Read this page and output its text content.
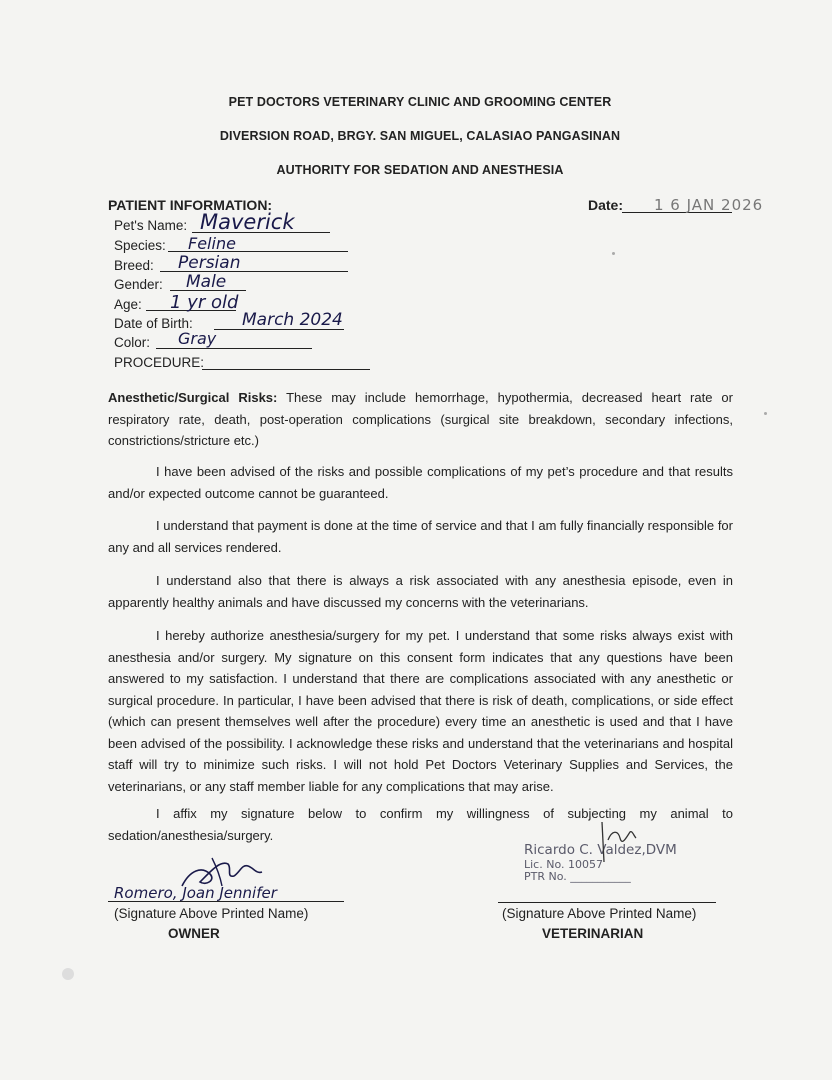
PET DOCTORS VETERINARY CLINIC AND GROOMING CENTER
DIVERSION ROAD, BRGY. SAN MIGUEL, CALASIAO PANGASINAN
AUTHORITY FOR SEDATION AND ANESTHESIA
PATIENT INFORMATION:	Date: 1 6 JAN 2026
Pet's Name: Maverick
Species: Feline
Breed: Persian
Gender: Male
Age: 1 yr old
Date of Birth:	March 2024
Color: Gray
PROCEDURE:
Anesthetic/Surgical Risks: These may include hemorrhage, hypothermia, decreased heart rate or respiratory rate, death, post-operation complications (surgical site breakdown, secondary infections, constrictions/stricture etc.)
I have been advised of the risks and possible complications of my pet’s procedure and that results and/or expected outcome cannot be guaranteed.
I understand that payment is done at the time of service and that I am fully financially responsible for any and all services rendered.
I understand also that there is always a risk associated with any anesthesia episode, even in apparently healthy animals and have discussed my concerns with the veterinarians.
I hereby authorize anesthesia/surgery for my pet. I understand that some risks always exist with anesthesia and/or surgery. My signature on this consent form indicates that any questions have been answered to my satisfaction. I understand that there are complications associated with any anesthetic or surgical procedure. In particular, I have been advised that there is risk of death, complications, or side effect (which can present themselves well after the procedure) every time an anesthetic is used and that I have been advised of the possibility. I acknowledge these risks and understand that the veterinarians and hospital staff will try to minimize such risks. I will not hold Pet Doctors Veterinary Supplies and Services, the veterinarians, or any staff member liable for any complications that may arise.
I affix my signature below to confirm my willingness of subjecting my animal to sedation/anesthesia/surgery.
Romero, Joan Jennifer
(Signature Above Printed Name)
OWNER
Ricardo C. Valdez,DVM
Lic. No. 10057
PTR No. ___________
(Signature Above Printed Name)
VETERINARIAN
